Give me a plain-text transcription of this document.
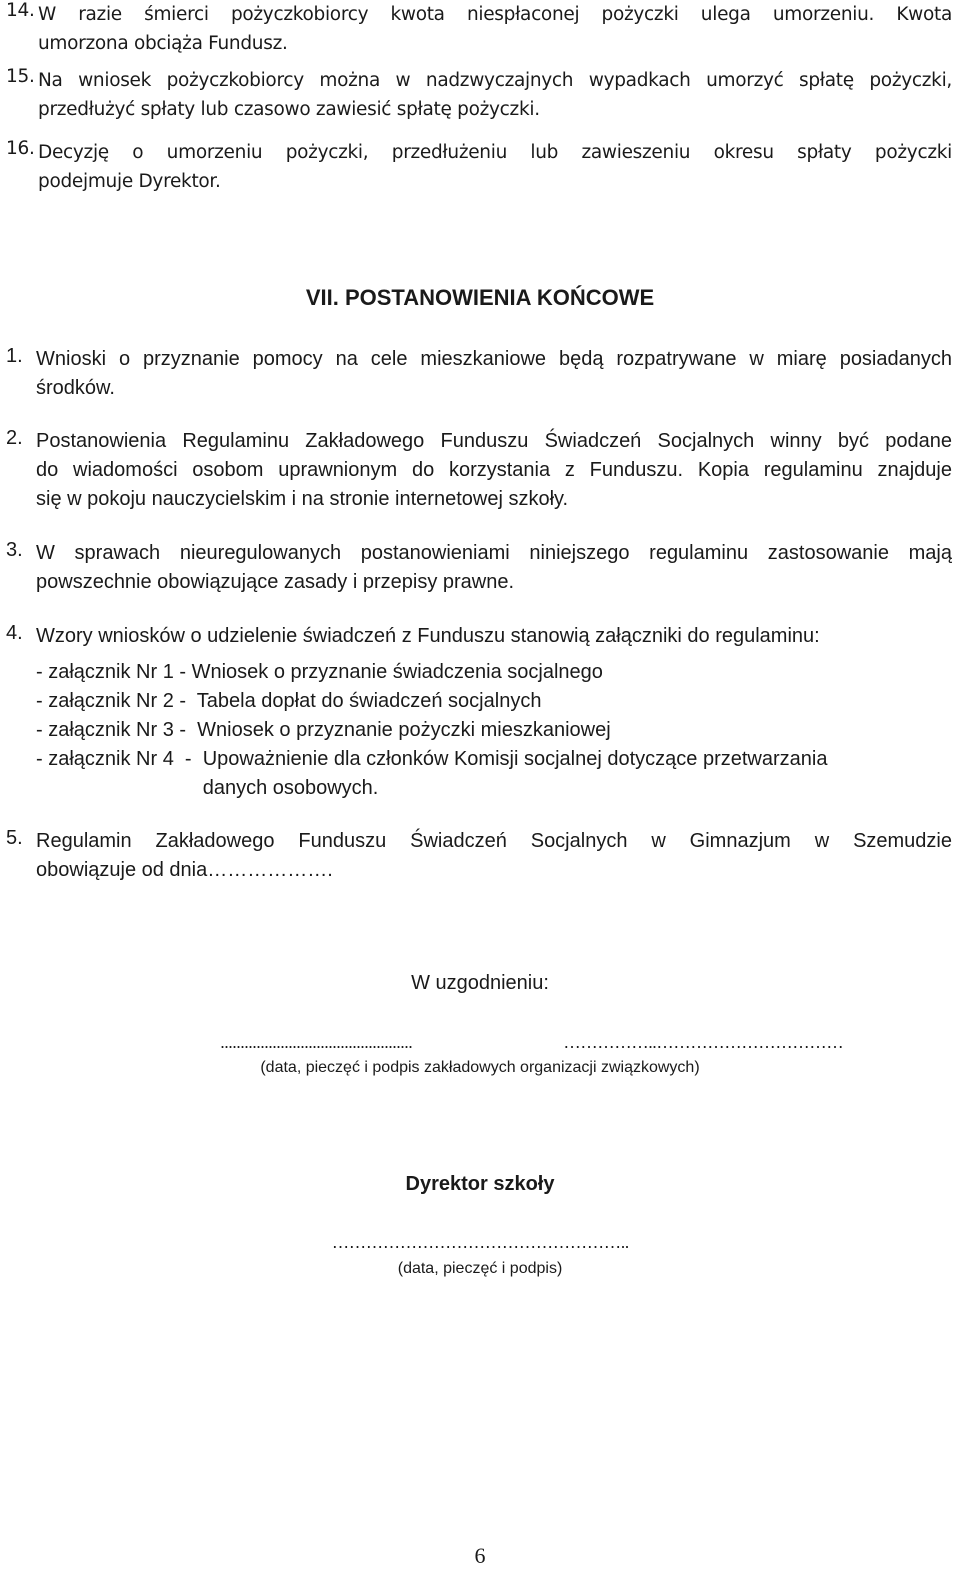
14. W razie śmierci pożyczkobiorcy kwota niespłaconej pożyczki ulega umorzeniu. Kwota
umorzona obciąża Fundusz.
15. Na wniosek pożyczkobiorcy można w nadzwyczajnych wypadkach umorzyć spłatę pożyczki,
przedłużyć spłaty lub czasowo zawiesić spłatę pożyczki.
16. Decyzję o umorzeniu pożyczki, przedłużeniu lub zawieszeniu okresu spłaty pożyczki
podejmuje Dyrektor.
VII. POSTANOWIENIA KOŃCOWE
1. Wnioski o przyznanie pomocy na cele mieszkaniowe będą rozpatrywane w miarę posiadanych
środków.
2. Postanowienia Regulaminu Zakładowego Funduszu Świadczeń Socjalnych winny być podane
do wiadomości osobom uprawnionym do korzystania z Funduszu. Kopia regulaminu znajduje
się w pokoju nauczycielskim i na stronie internetowej szkoły.
3. W sprawach nieuregulowanych postanowieniami niniejszego regulaminu zastosowanie mają
powszechnie obowiązujące zasady i przepisy prawne.
4. Wzory wniosków o udzielenie świadczeń z Funduszu stanowią załączniki do regulaminu:
- załącznik Nr 1 - Wniosek o przyznanie świadczenia socjalnego
- załącznik Nr 2 -  Tabela dopłat do świadczeń socjalnych
- załącznik Nr 3 -  Wniosek o przyznanie pożyczki mieszkaniowej
- załącznik Nr 4  -  Upoważnienie dla członków Komisji socjalnej dotyczące przetwarzania
danych osobowych.
5. Regulamin Zakładowego Funduszu Świadczeń Socjalnych w Gimnazjum w Szemudzie
obowiązuje od dnia……………….
W uzgodnieniu:
................................................	……………..……………………………
(data, pieczęć i podpis zakładowych organizacji związkowych)
Dyrektor szkoły
……………………………………………..
(data, pieczęć i podpis)
6
